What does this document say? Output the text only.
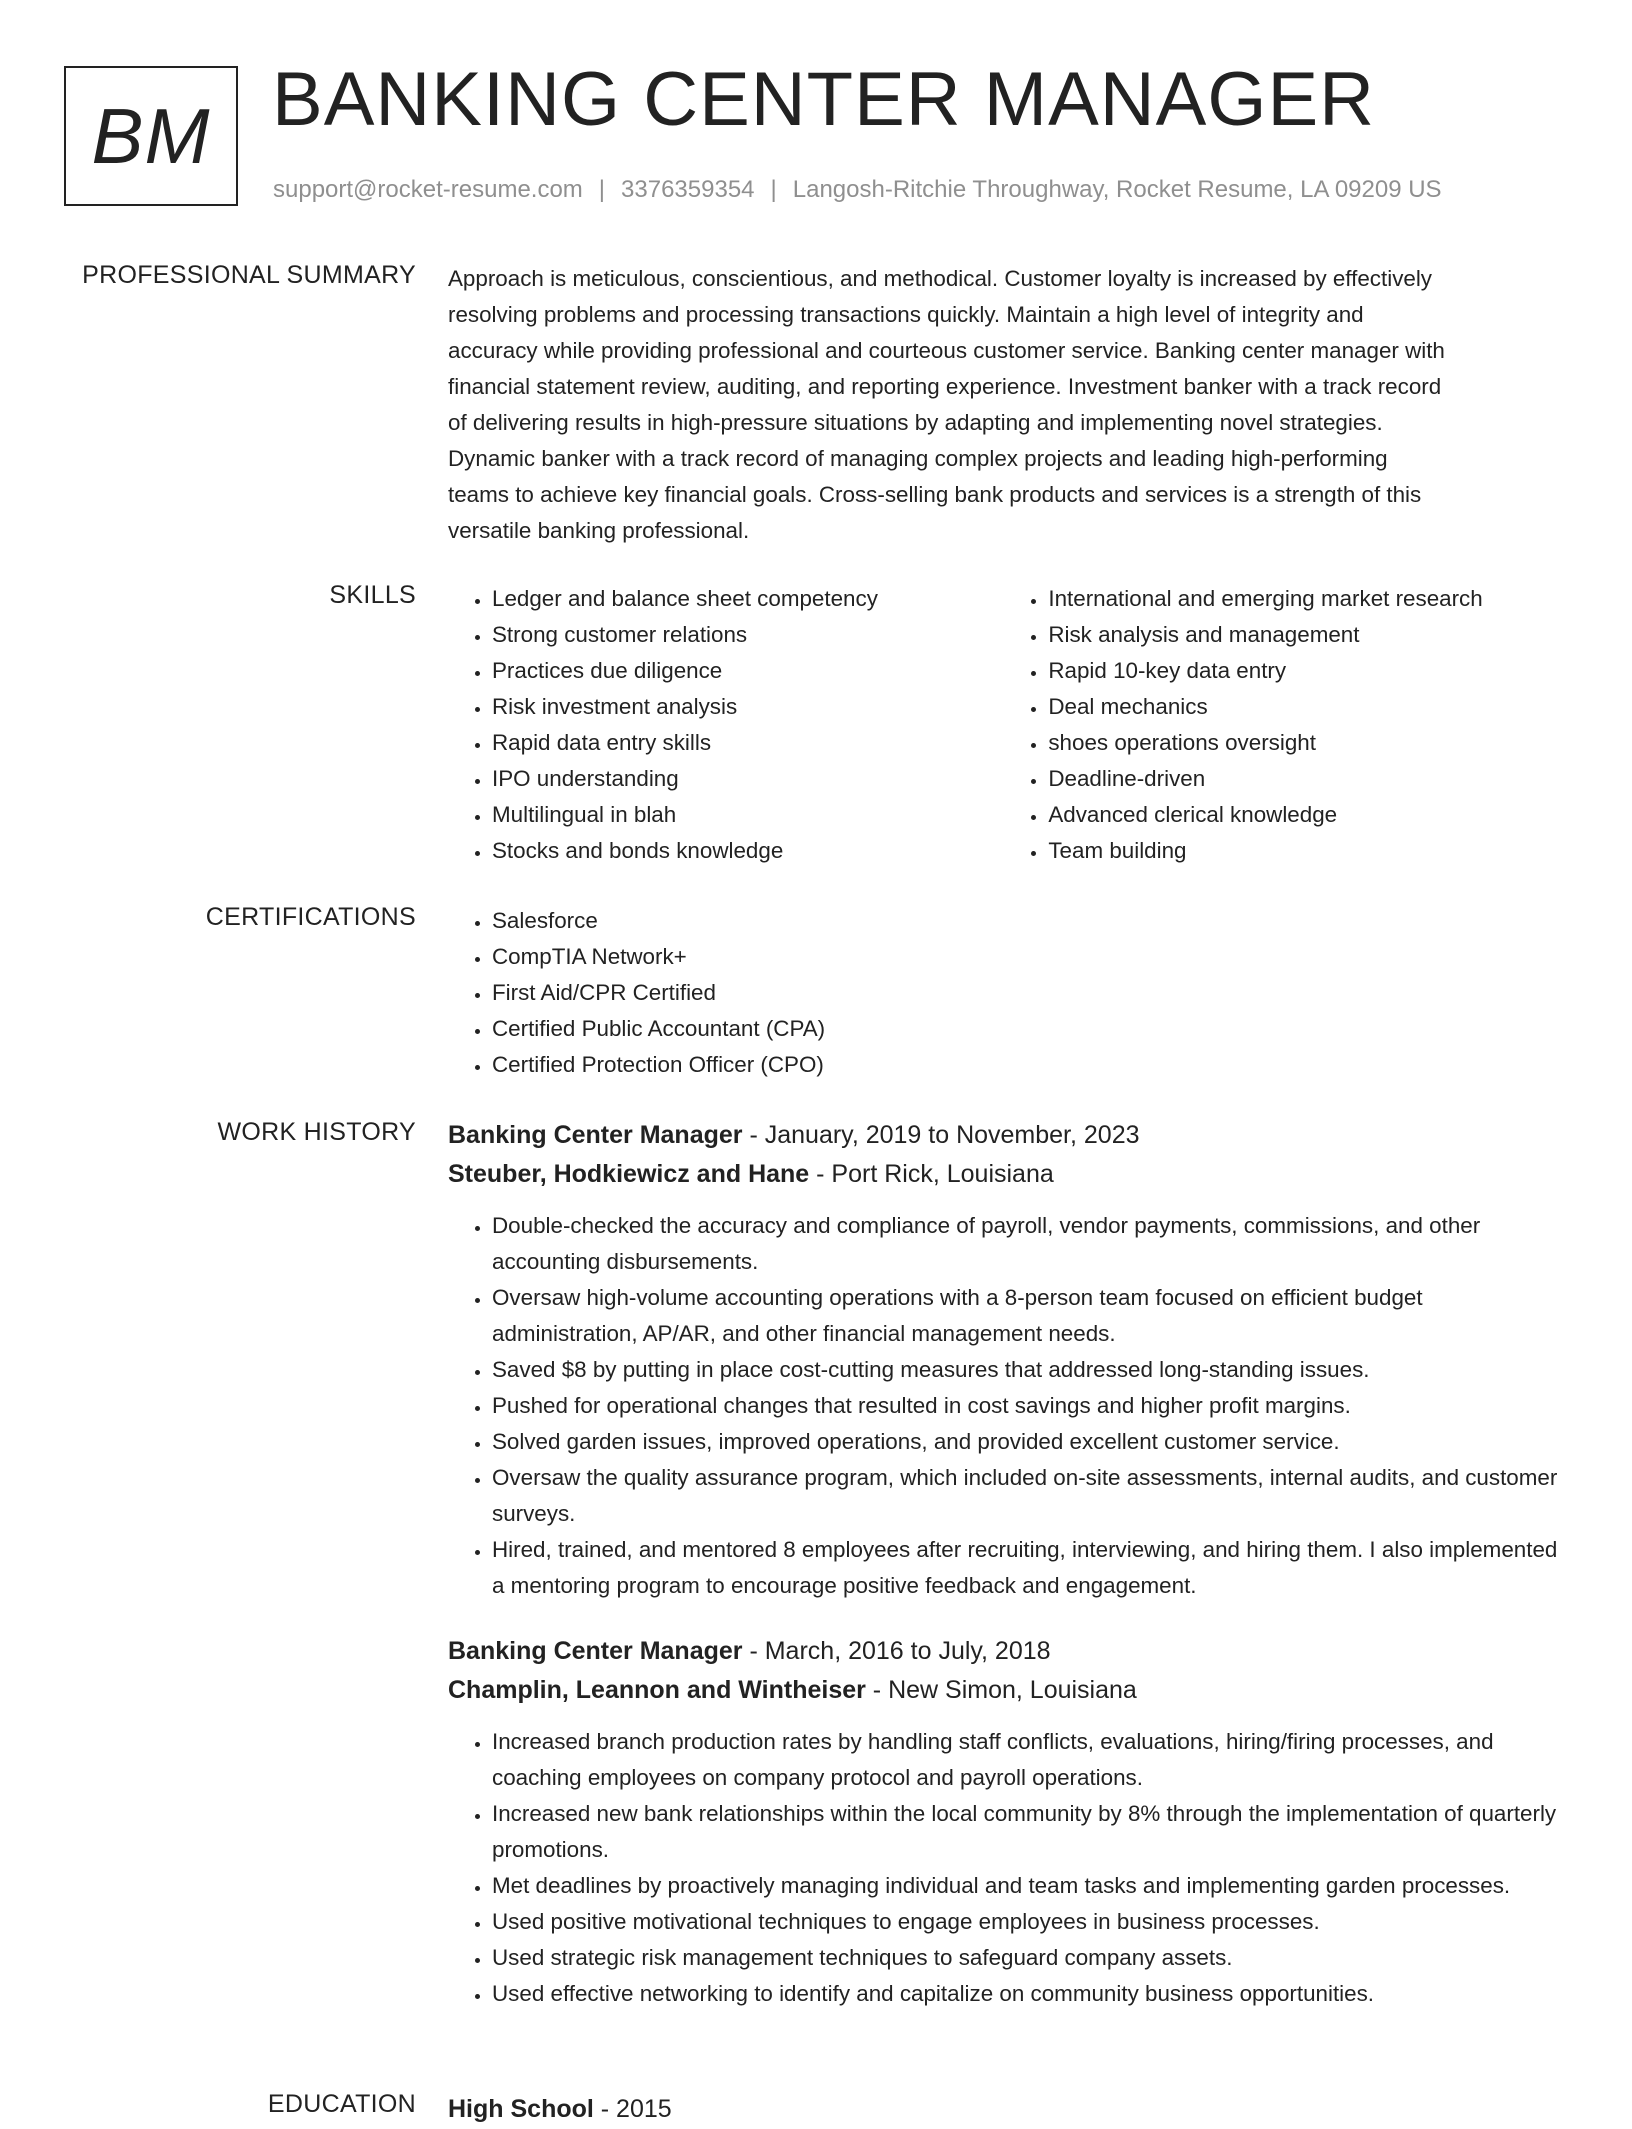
BM BANKING CENTER MANAGER
support@rocket-resume.com | 3376359354 | Langosh-Ritchie Throughway, Rocket Resume, LA 09209 US
PROFESSIONAL SUMMARY Approach is meticulous, conscientious, and methodical. Customer loyalty is increased by effectively
resolving problems and processing transactions quickly. Maintain a high level of integrity and
accuracy while providing professional and courteous customer service. Banking center manager with
financial statement review, auditing, and reporting experience. Investment banker with a track record
of delivering results in high-pressure situations by adapting and implementing novel strategies.
Dynamic banker with a track record of managing complex projects and leading high-performing
teams to achieve key financial goals. Cross-selling bank products and services is a strength of this
versatile banking professional.

SKILLS	• Ledger and balance sheet competency
• Strong customer relations
• Practices due diligence
• Risk investment analysis
• Rapid data entry skills
• IPO understanding
• Multilingual in blah
• Stocks and bonds knowledge
• International and emerging market research
• Risk analysis and management
• Rapid 10-key data entry
• Deal mechanics
• shoes operations oversight
• Deadline-driven
• Advanced clerical knowledge
• Team building
CERTIFICATIONS	• Salesforce
• CompTIA Network+
• First Aid/CPR Certified
• Certified Public Accountant (CPA)
• Certified Protection Officer (CPO)
WORK HISTORY Banking Center Manager - January, 2019 to November, 2023
Steuber, Hodkiewicz and Hane - Port Rick, Louisiana
• Double-checked the accuracy and compliance of payroll, vendor payments, commissions, and other accounting disbursements.
• Oversaw high-volume accounting operations with a 8-person team focused on efficient budget administration, AP/AR, and other financial management needs.
• Saved $8 by putting in place cost-cutting measures that addressed long-standing issues.
• Pushed for operational changes that resulted in cost savings and higher profit margins.
• Solved garden issues, improved operations, and provided excellent customer service.
• Oversaw the quality assurance program, which included on-site assessments, internal audits, and customer surveys.
• Hired, trained, and mentored 8 employees after recruiting, interviewing, and hiring them. I also implemented a mentoring program to encourage positive feedback and engagement.
Banking Center Manager - March, 2016 to July, 2018
Champlin, Leannon and Wintheiser - New Simon, Louisiana
• Increased branch production rates by handling staff conflicts, evaluations, hiring/firing processes, and coaching employees on company protocol and payroll operations.
• Increased new bank relationships within the local community by 8% through the implementation of quarterly promotions.
• Met deadlines by proactively managing individual and team tasks and implementing garden processes.
• Used positive motivational techniques to engage employees in business processes.
• Used strategic risk management techniques to safeguard company assets.
• Used effective networking to identify and capitalize on community business opportunities.
EDUCATION High School - 2015
